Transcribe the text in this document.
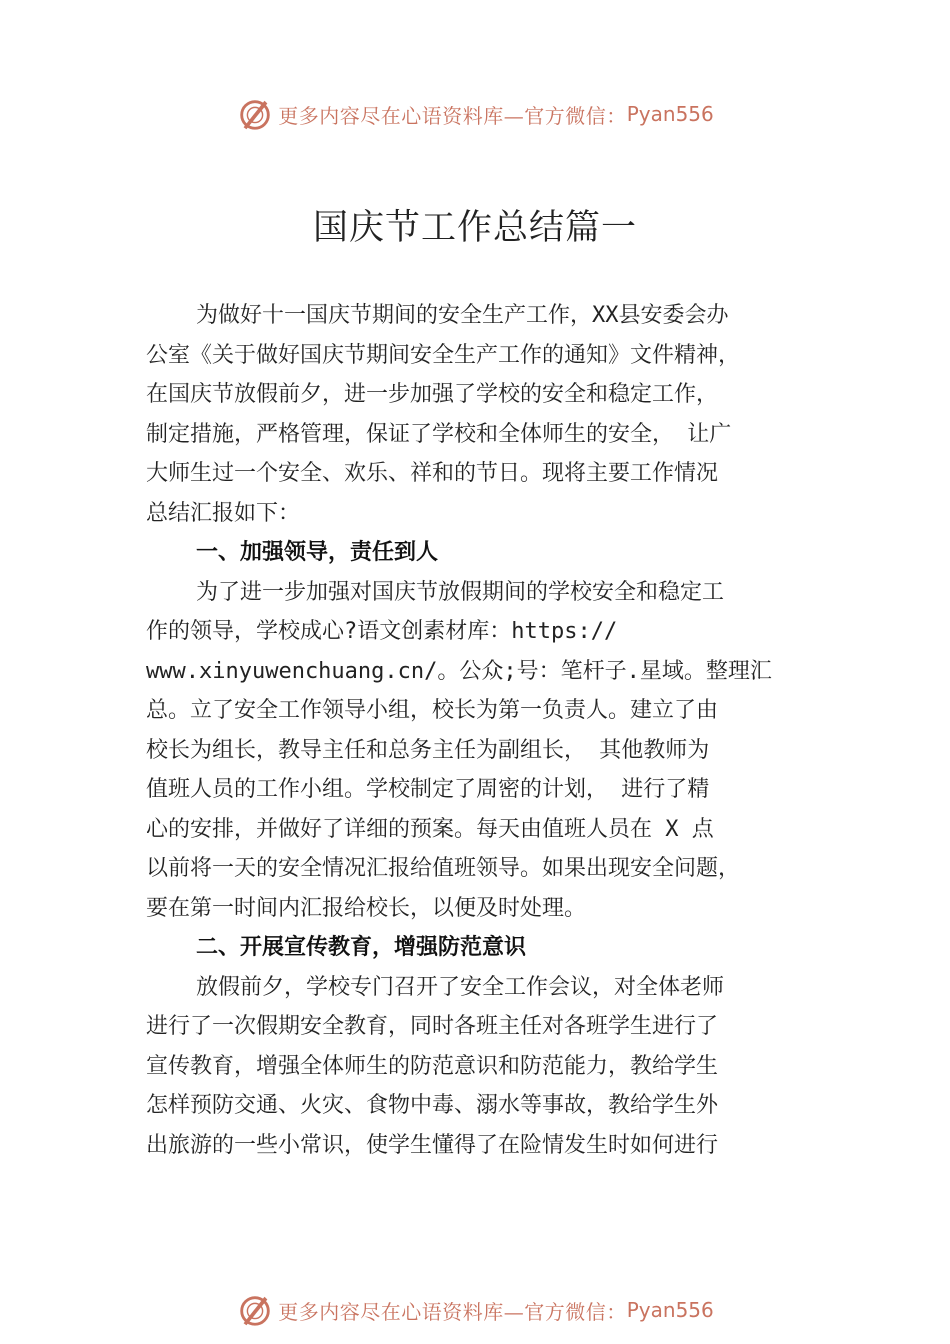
更多内容尽在心语资料库—官方微信： Pyan556
国庆节工作总结篇一

为做好十一国庆节期间的安全生产工作，XX县安委会办

公室《关于做好国庆节期间安全生产工作的通知》文件精神，

在国庆节放假前夕，进一步加强了学校的安全和稳定工作，

制定措施，严格管理，保证了学校和全体师生的安全， 让广

大师生过一个安全、欢乐、祥和的节日。现将主要工作情况

总结汇报如下：

一、加强领导，责任到人

为了进一步加强对国庆节放假期间的学校安全和稳定工

作的领导，学校成心?语文创素材库：https://

www.xinyuwenchuang.cn/。公众;号：笔杆子.星域。整理汇

总。立了安全工作领导小组，校长为第一负责人。建立了由

校长为组长，教导主任和总务主任为副组长， 其他教师为

值班人员的工作小组。学校制定了周密的计划， 进行了精

心的安排，并做好了详细的预案。每天由值班人员在 X 点

以前将一天的安全情况汇报给值班领导。如果出现安全问题，

要在第一时间内汇报给校长，以便及时处理。

二、开展宣传教育，增强防范意识

放假前夕，学校专门召开了安全工作会议，对全体老师

进行了一次假期安全教育，同时各班主任对各班学生进行了

宣传教育，增强全体师生的防范意识和防范能力，教给学生

怎样预防交通、火灾、食物中毒、溺水等事故，教给学生外

出旅游的一些小常识，使学生懂得了在险情发生时如何进行

更多内容尽在心语资料库—官方微信： Pyan556
